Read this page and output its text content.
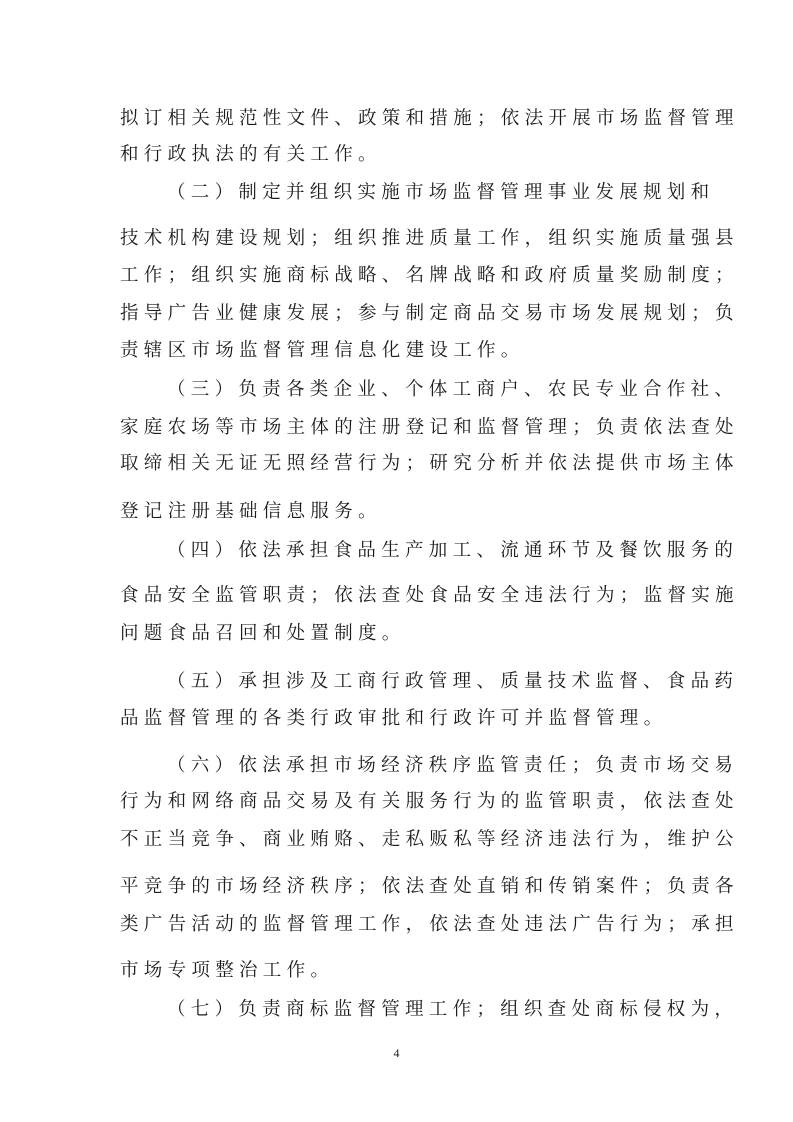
拟订相关规范性文件、政策和措施；依法开展市场监督管理
和行政执法的有关工作。
（二）制定并组织实施市场监督管理事业发展规划和
技术机构建设规划；组织推进质量工作，组织实施质量强县
工作；组织实施商标战略、名牌战略和政府质量奖励制度；
指导广告业健康发展；参与制定商品交易市场发展规划；负
责辖区市场监督管理信息化建设工作。
（三）负责各类企业、个体工商户、农民专业合作社、
家庭农场等市场主体的注册登记和监督管理；负责依法查处
取缔相关无证无照经营行为；研究分析并依法提供市场主体
登记注册基础信息服务。
（四）依法承担食品生产加工、流通环节及餐饮服务的
食品安全监管职责；依法查处食品安全违法行为；监督实施
问题食品召回和处置制度。
（五）承担涉及工商行政管理、质量技术监督、食品药
品监督管理的各类行政审批和行政许可并监督管理。
（六）依法承担市场经济秩序监管责任；负责市场交易
行为和网络商品交易及有关服务行为的监管职责，依法查处
不正当竞争、商业贿赂、走私贩私等经济违法行为，维护公
平竞争的市场经济秩序；依法查处直销和传销案件；负责各
类广告活动的监督管理工作，依法查处违法广告行为；承担
市场专项整治工作。
（七）负责商标监督管理工作；组织查处商标侵权为，
4
